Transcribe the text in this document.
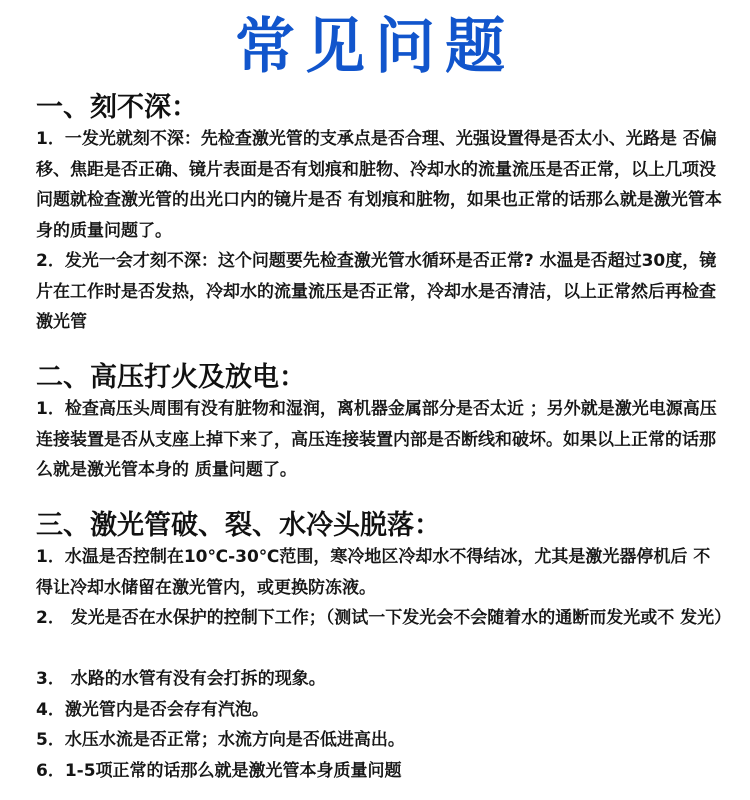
常见问题
一、刻不深：
1．一发光就刻不深：先检查激光管的支承点是否合理、光强设置得是否太小、光路是 否偏移、焦距是否正确、镜片表面是否有划痕和脏物、冷却水的流量流压是否正常，以上几项没问题就检查激光管的出光口内的镜片是否 有划痕和脏物，如果也正常的话那么就是激光管本身的质量问题了。
2．发光一会才刻不深：这个问题要先检查激光管水循环是否正常? 水温是否超过30度，镜片在工作时是否发热，冷却水的流量流压是否正常，冷却水是否清洁，以上正常然后再检查激光管
二、高压打火及放电：
1．检查高压头周围有没有脏物和湿润，离机器金属部分是否太近 ；另外就是激光电源高压连接装置是否从支座上掉下来了，高压连接装置内部是否断线和破坏。如果以上正常的话那么就是激光管本身的 质量问题了。
三、激光管破、裂、水冷头脱落：
1．水温是否控制在10℃-30℃范围，寒冷地区冷却水不得结冰，尤其是激光器停机后 不得让冷却水储留在激光管内，或更换防冻液。
2． 发光是否在水保护的控制下工作；（测试一下发光会不会随着水的通断而发光或不 发光）
3． 水路的水管有没有会打拆的现象。
4．激光管内是否会存有汽泡。
5．水压水流是否正常；水流方向是否低进高出。
6．1-5项正常的话那么就是激光管本身质量问题
